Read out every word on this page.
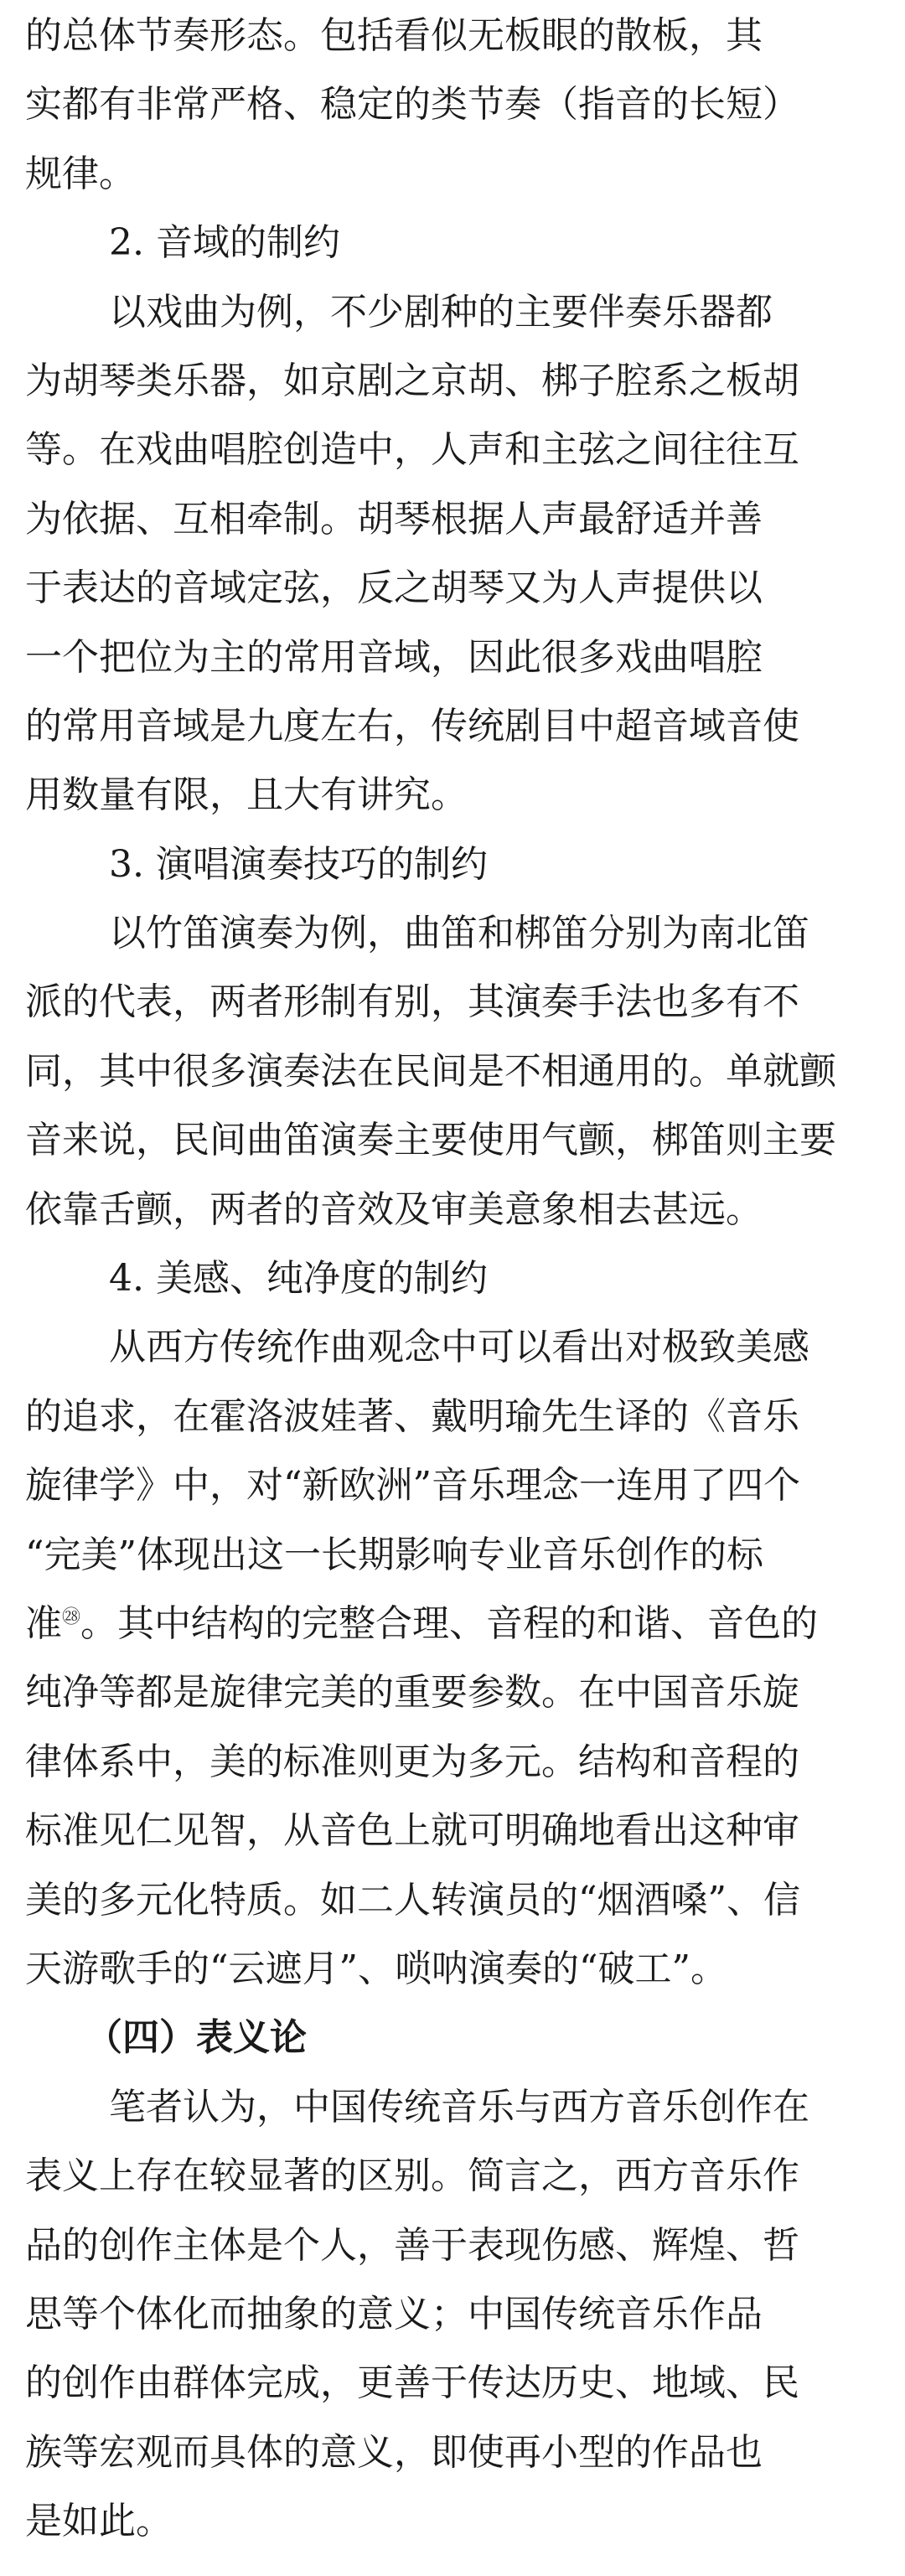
的总体节奏形态。包括看似无板眼的散板，其
实都有非常严格、稳定的类节奏（指音的长短）
规律。
2. 音域的制约
以戏曲为例，不少剧种的主要伴奏乐器都
为胡琴类乐器，如京剧之京胡、梆子腔系之板胡
等。在戏曲唱腔创造中，人声和主弦之间往往互
为依据、互相牵制。胡琴根据人声最舒适并善
于表达的音域定弦，反之胡琴又为人声提供以
一个把位为主的常用音域，因此很多戏曲唱腔
的常用音域是九度左右，传统剧目中超音域音使
用数量有限，且大有讲究。
3. 演唱演奏技巧的制约
以竹笛演奏为例，曲笛和梆笛分别为南北笛
派的代表，两者形制有别，其演奏手法也多有不
同，其中很多演奏法在民间是不相通用的。单就颤
音来说，民间曲笛演奏主要使用气颤，梆笛则主要
依靠舌颤，两者的音效及审美意象相去甚远。
4. 美感、纯净度的制约
从西方传统作曲观念中可以看出对极致美感
的追求，在霍洛波娃著、戴明瑜先生译的《音乐
旋律学》中，对“新欧洲”音乐理念一连用了四个
“完美”体现出这一长期影响专业音乐创作的标
准$^㉘$。其中结构的完整合理、音程的和谐、音色的
纯净等都是旋律完美的重要参数。在中国音乐旋
律体系中，美的标准则更为多元。结构和音程的
标准见仁见智，从音色上就可明确地看出这种审
美的多元化特质。如二人转演员的“烟酒嗓”、信
天游歌手的“云遮月”、唢呐演奏的“破工”。
（四）表义论
笔者认为，中国传统音乐与西方音乐创作在
表义上存在较显著的区别。简言之，西方音乐作
品的创作主体是个人，善于表现伤感、辉煌、哲
思等个体化而抽象的意义；中国传统音乐作品
的创作由群体完成，更善于传达历史、地域、民
族等宏观而具体的意义，即使再小型的作品也
是如此。
